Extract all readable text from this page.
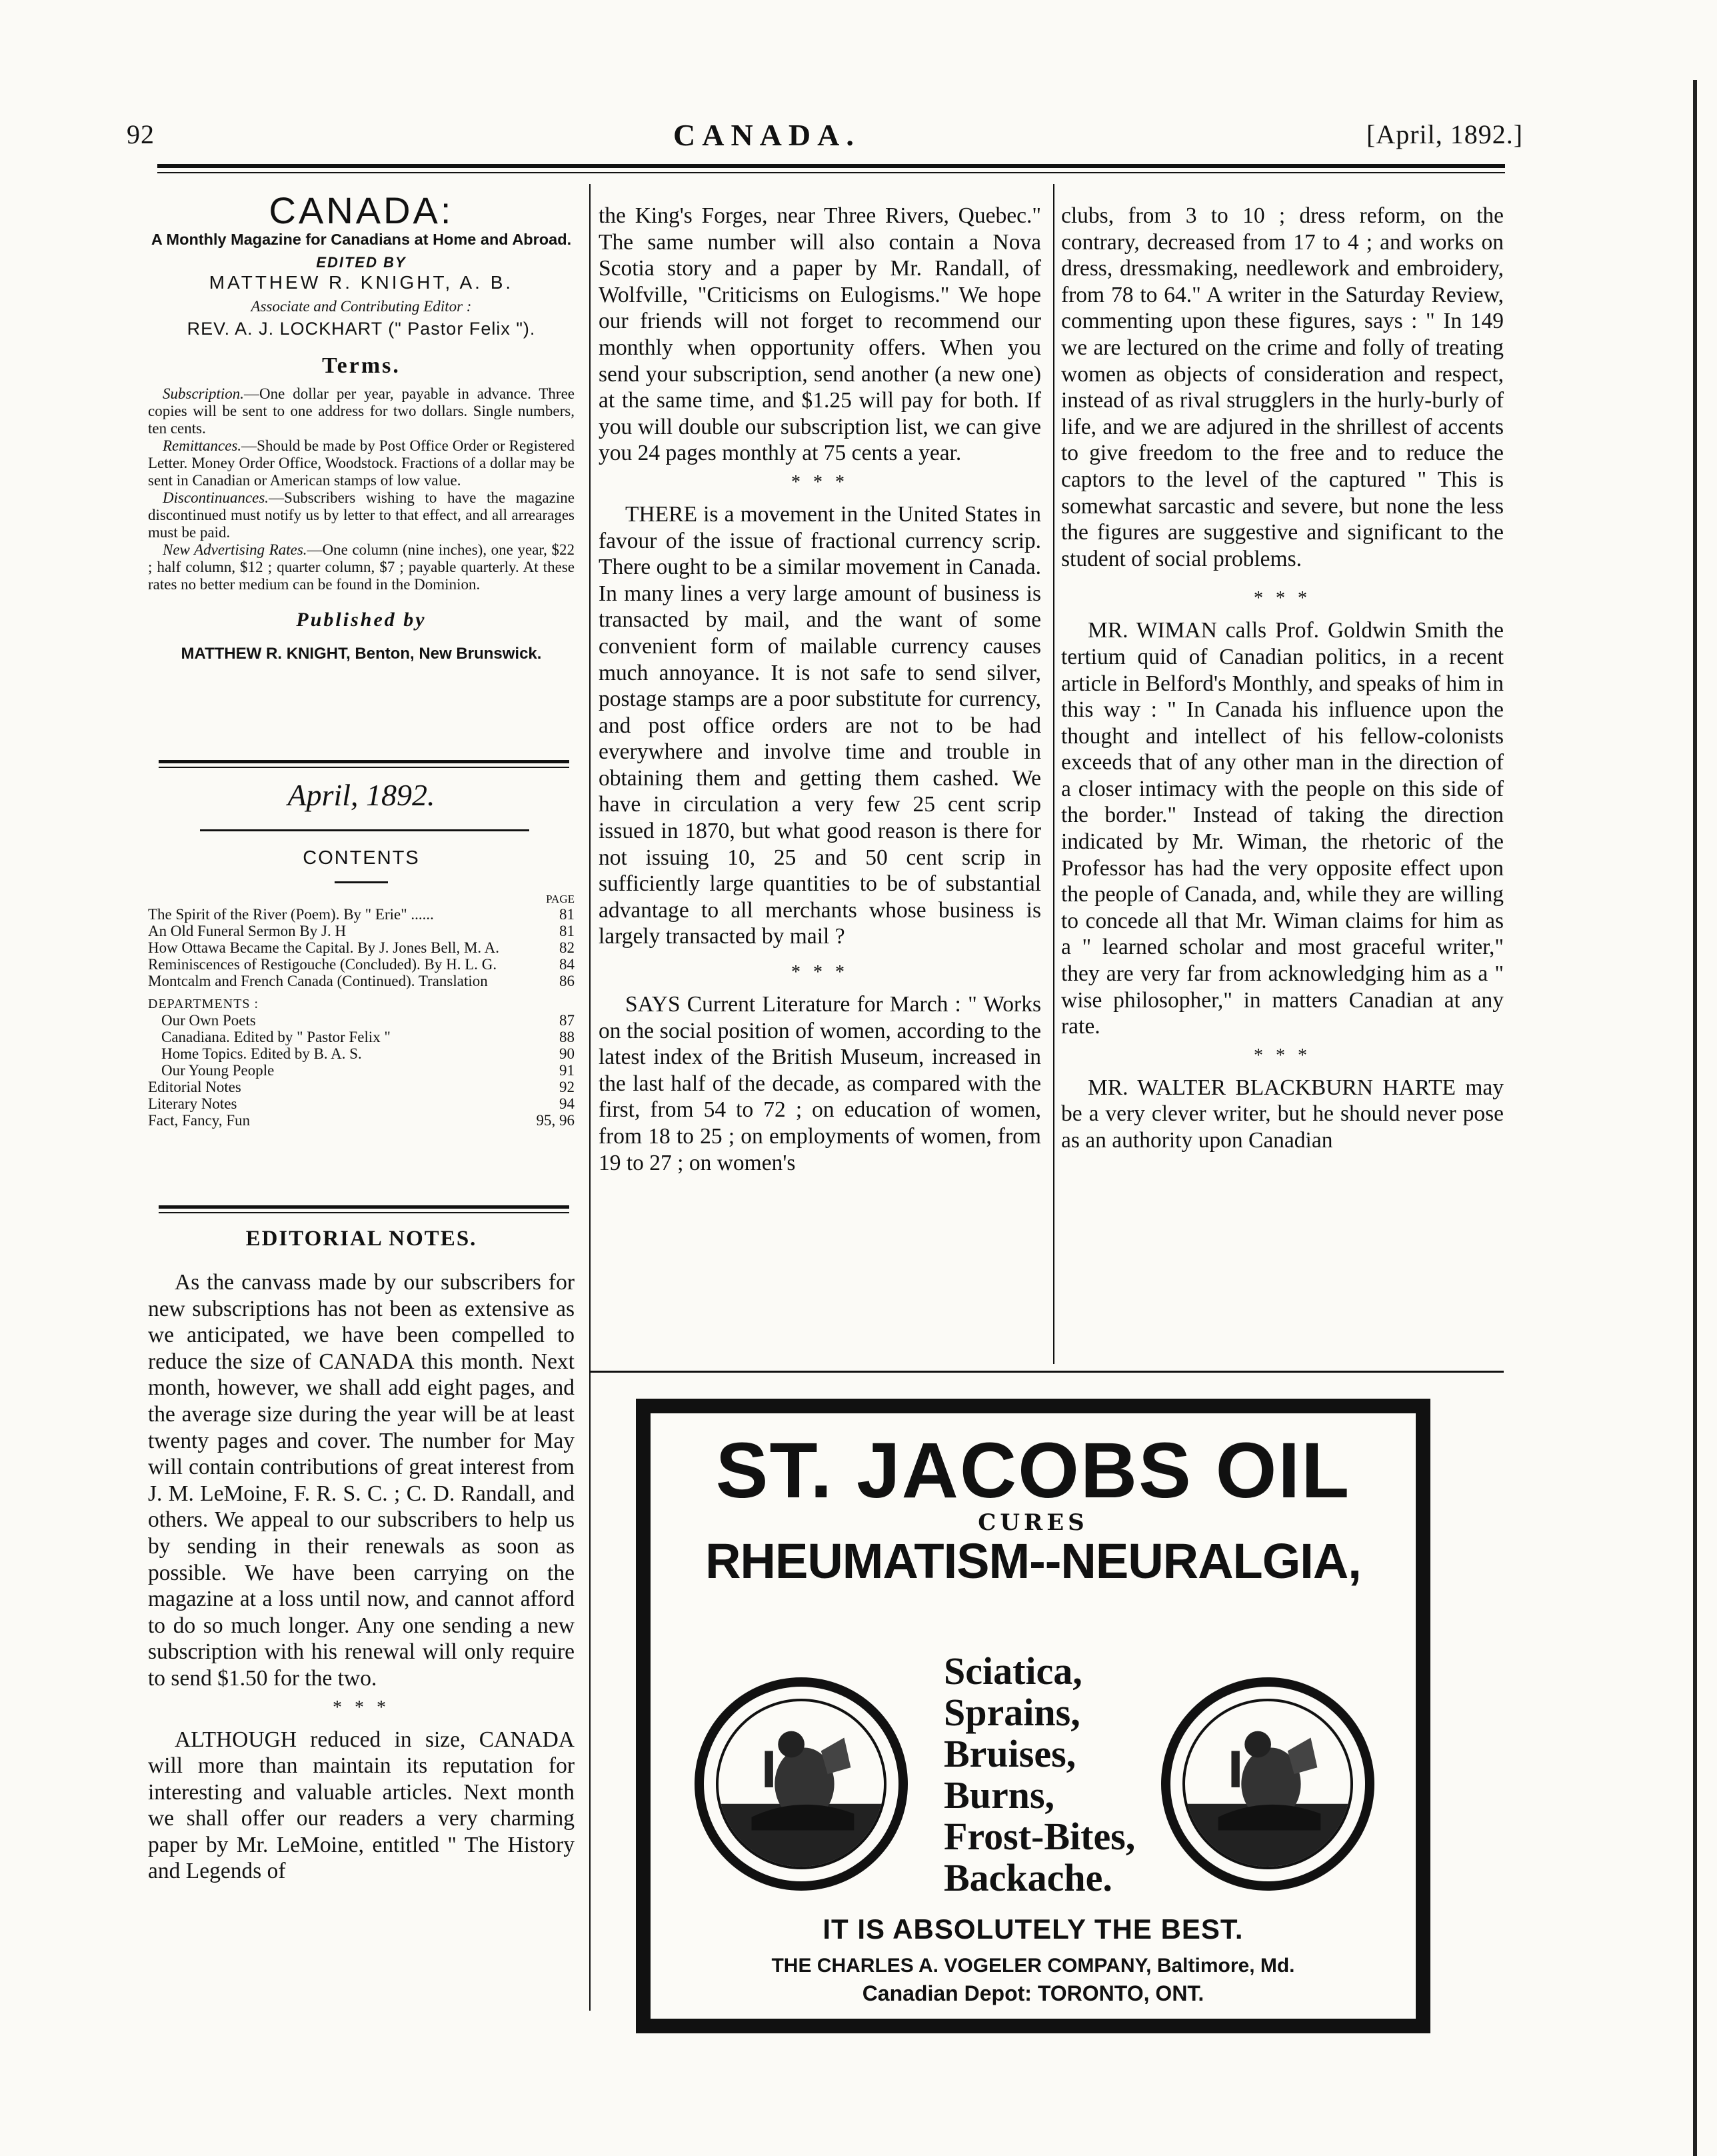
92	CANADA.	[April, 1892.]
CANADA:
A Monthly Magazine for Canadians at Home and Abroad.
EDITED BY
MATTHEW R. KNIGHT, A. B.
Associate and Contributing Editor :
REV. A. J. LOCKHART (" Pastor Felix ").
Terms.
Subscription.—One dollar per year, payable in advance. Three copies will be sent to one address for two dollars. Single numbers, ten cents.
Remittances.—Should be made by Post Office Order or Registered Letter. Money Order Office, Woodstock. Fractions of a dollar may be sent in Canadian or American stamps of low value.
Discontinuances.—Subscribers wishing to have the magazine discontinued must notify us by letter to that effect, and all arrearages must be paid.
New Advertising Rates.—One column (nine inches), one year, $22 ; half column, $12 ; quarter column, $7 ; payable quarterly. At these rates no better medium can be found in the Dominion.
Published by
MATTHEW R. KNIGHT, Benton, New Brunswick.
April, 1892.
CONTENTS
PAGE
The Spirit of the River (Poem). By " Erie" ......	81
An Old Funeral Sermon By J. H	81
How Ottawa Became the Capital. By J. Jones Bell, M. A.	82
Reminiscences of Restigouche (Concluded). By H. L. G.	84
Montcalm and French Canada (Continued). Translation	86
DEPARTMENTS :
Our Own Poets	87
Canadiana. Edited by " Pastor Felix "	88
Home Topics. Edited by B. A. S.	90
Our Young People	91
Editorial Notes	92
Literary Notes	94
Fact, Fancy, Fun	95, 96
EDITORIAL NOTES.

As the canvass made by our subscribers for new subscriptions has not been as extensive as we anticipated, we have been compelled to reduce the size of CANADA this month. Next month, however, we shall add eight pages, and the average size during the year will be at least twenty pages and cover. The number for May will contain contributions of great interest from J. M. LeMoine, F. R. S. C. ; C. D. Randall, and others. We appeal to our subscribers to help us by sending in their renewals as soon as possible. We have been carrying on the magazine at a loss until now, and cannot afford to do so much longer. Any one sending a new subscription with his renewal will only require to send $1.50 for the two.

* * *

ALTHOUGH reduced in size, CANADA will more than maintain its reputation for interesting and valuable articles. Next month we shall offer our readers a very charming paper by Mr. LeMoine, entitled " The History and Legends of

the King's Forges, near Three Rivers, Quebec." The same number will also contain a Nova Scotia story and a paper by Mr. Randall, of Wolfville, "Criticisms on Eulogisms." We hope our friends will not forget to recommend our monthly when opportunity offers. When you send your subscription, send another (a new one) at the same time, and $1.25 will pay for both. If you will double our subscription list, we can give you 24 pages monthly at 75 cents a year.

* * *

THERE is a movement in the United States in favour of the issue of fractional currency scrip. There ought to be a similar movement in Canada. In many lines a very large amount of business is transacted by mail, and the want of some convenient form of mailable currency causes much annoyance. It is not safe to send silver, postage stamps are a poor substitute for currency, and post office orders are not to be had everywhere and involve time and trouble in obtaining them and getting them cashed. We have in circulation a very few 25 cent scrip issued in 1870, but what good reason is there for not issuing 10, 25 and 50 cent scrip in sufficiently large quantities to be of substantial advantage to all merchants whose business is largely transacted by mail ?

* * *

SAYS Current Literature for March : " Works on the social position of women, according to the latest index of the British Museum, increased in the last half of the decade, as compared with the first, from 54 to 72 ; on education of women, from 18 to 25 ; on employments of women, from 19 to 27 ; on women's

clubs, from 3 to 10 ; dress reform, on the contrary, decreased from 17 to 4 ; and works on dress, dressmaking, needlework and embroidery, from 78 to 64." A writer in the Saturday Review, commenting upon these figures, says : " In 149 we are lectured on the crime and folly of treating women as objects of consideration and respect, instead of as rival strugglers in the hurly-burly of life, and we are adjured in the shrillest of accents to give freedom to the free and to reduce the captors to the level of the captured " This is somewhat sarcastic and severe, but none the less the figures are suggestive and significant to the student of social problems.

* * *

MR. WIMAN calls Prof. Goldwin Smith the tertium quid of Canadian politics, in a recent article in Belford's Monthly, and speaks of him in this way : " In Canada his influence upon the thought and intellect of his fellow-colonists exceeds that of any other man in the direction of a closer intimacy with the people on this side of the border." Instead of taking the direction indicated by Mr. Wiman, the rhetoric of the Professor has had the very opposite effect upon the people of Canada, and, while they are willing to concede all that Mr. Wiman claims for him as a " learned scholar and most graceful writer," they are very far from acknowledging him as a " wise philosopher," in matters Canadian at any rate.

* * *

MR. WALTER BLACKBURN HARTE may be a very clever writer, but he should never pose as an authority upon Canadian

ST. JACOBS OIL
CURES
RHEUMATISM--NEURALGIA,
Sciatica,
Sprains,
Bruises,
Burns,
Frost-Bites,
Backache.
IT IS ABSOLUTELY THE BEST.
THE CHARLES A. VOGELER COMPANY, Baltimore, Md.
Canadian Depot: TORONTO, ONT.
